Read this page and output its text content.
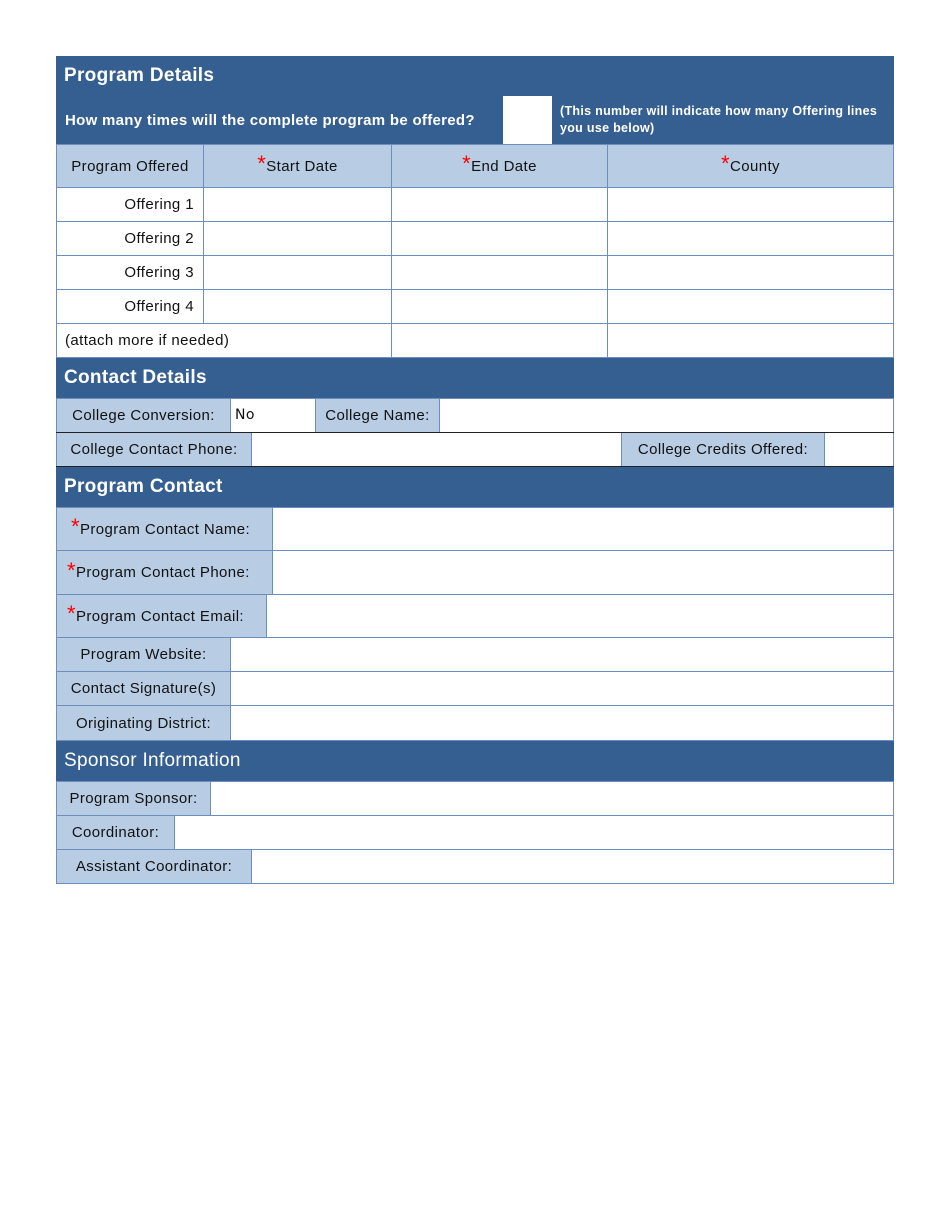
Program Details
How many times will the complete program be offered?
(This number will indicate how many Offering lines you use below)
Program Offered	* Start Date	* End Date	* County
Offering 1
Offering 2
Offering 3
Offering 4
(attach more if needed)
Contact Details
College Conversion:	No	College Name:
College Contact Phone:	College Credits Offered:
Program Contact
* Program Contact Name:
* Program Contact Phone:
* Program Contact Email:
Program Website:
Contact Signature(s)
Originating District:
Sponsor Information
Program Sponsor:
Coordinator:
Assistant Coordinator:
